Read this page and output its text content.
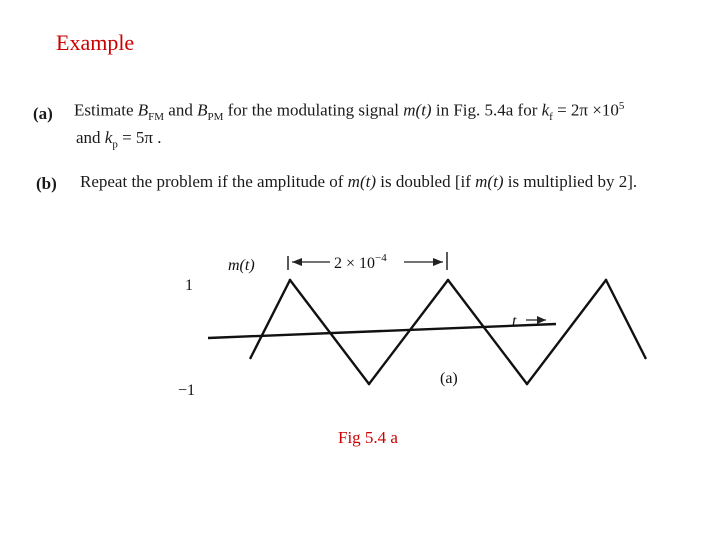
Example
(a) Estimate $B_{FM}$ and $B_{PM}$ for the modulating signal m(t) in Fig. 5.4a for $k_f = 2\pi \times 10^5$
and $k_p = 5\pi$ .
(b) Repeat the problem if the amplitude of m(t) is doubled [if m(t) is multiplied by 2].
m(t)
1
−1
$2 \times 10^{-4}$
t
(a)
Fig 5.4 a
